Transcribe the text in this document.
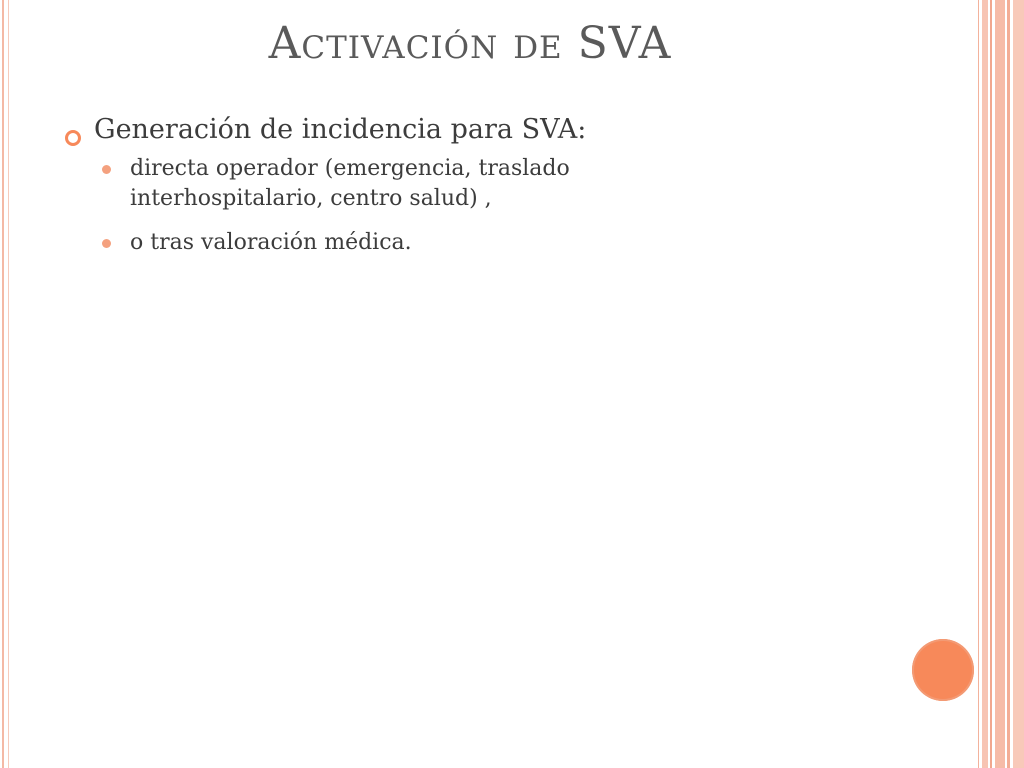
Activación de SVA
Generación de incidencia para SVA:
directa operador (emergencia, traslado interhospitalario, centro salud) ,
o tras valoración médica.
